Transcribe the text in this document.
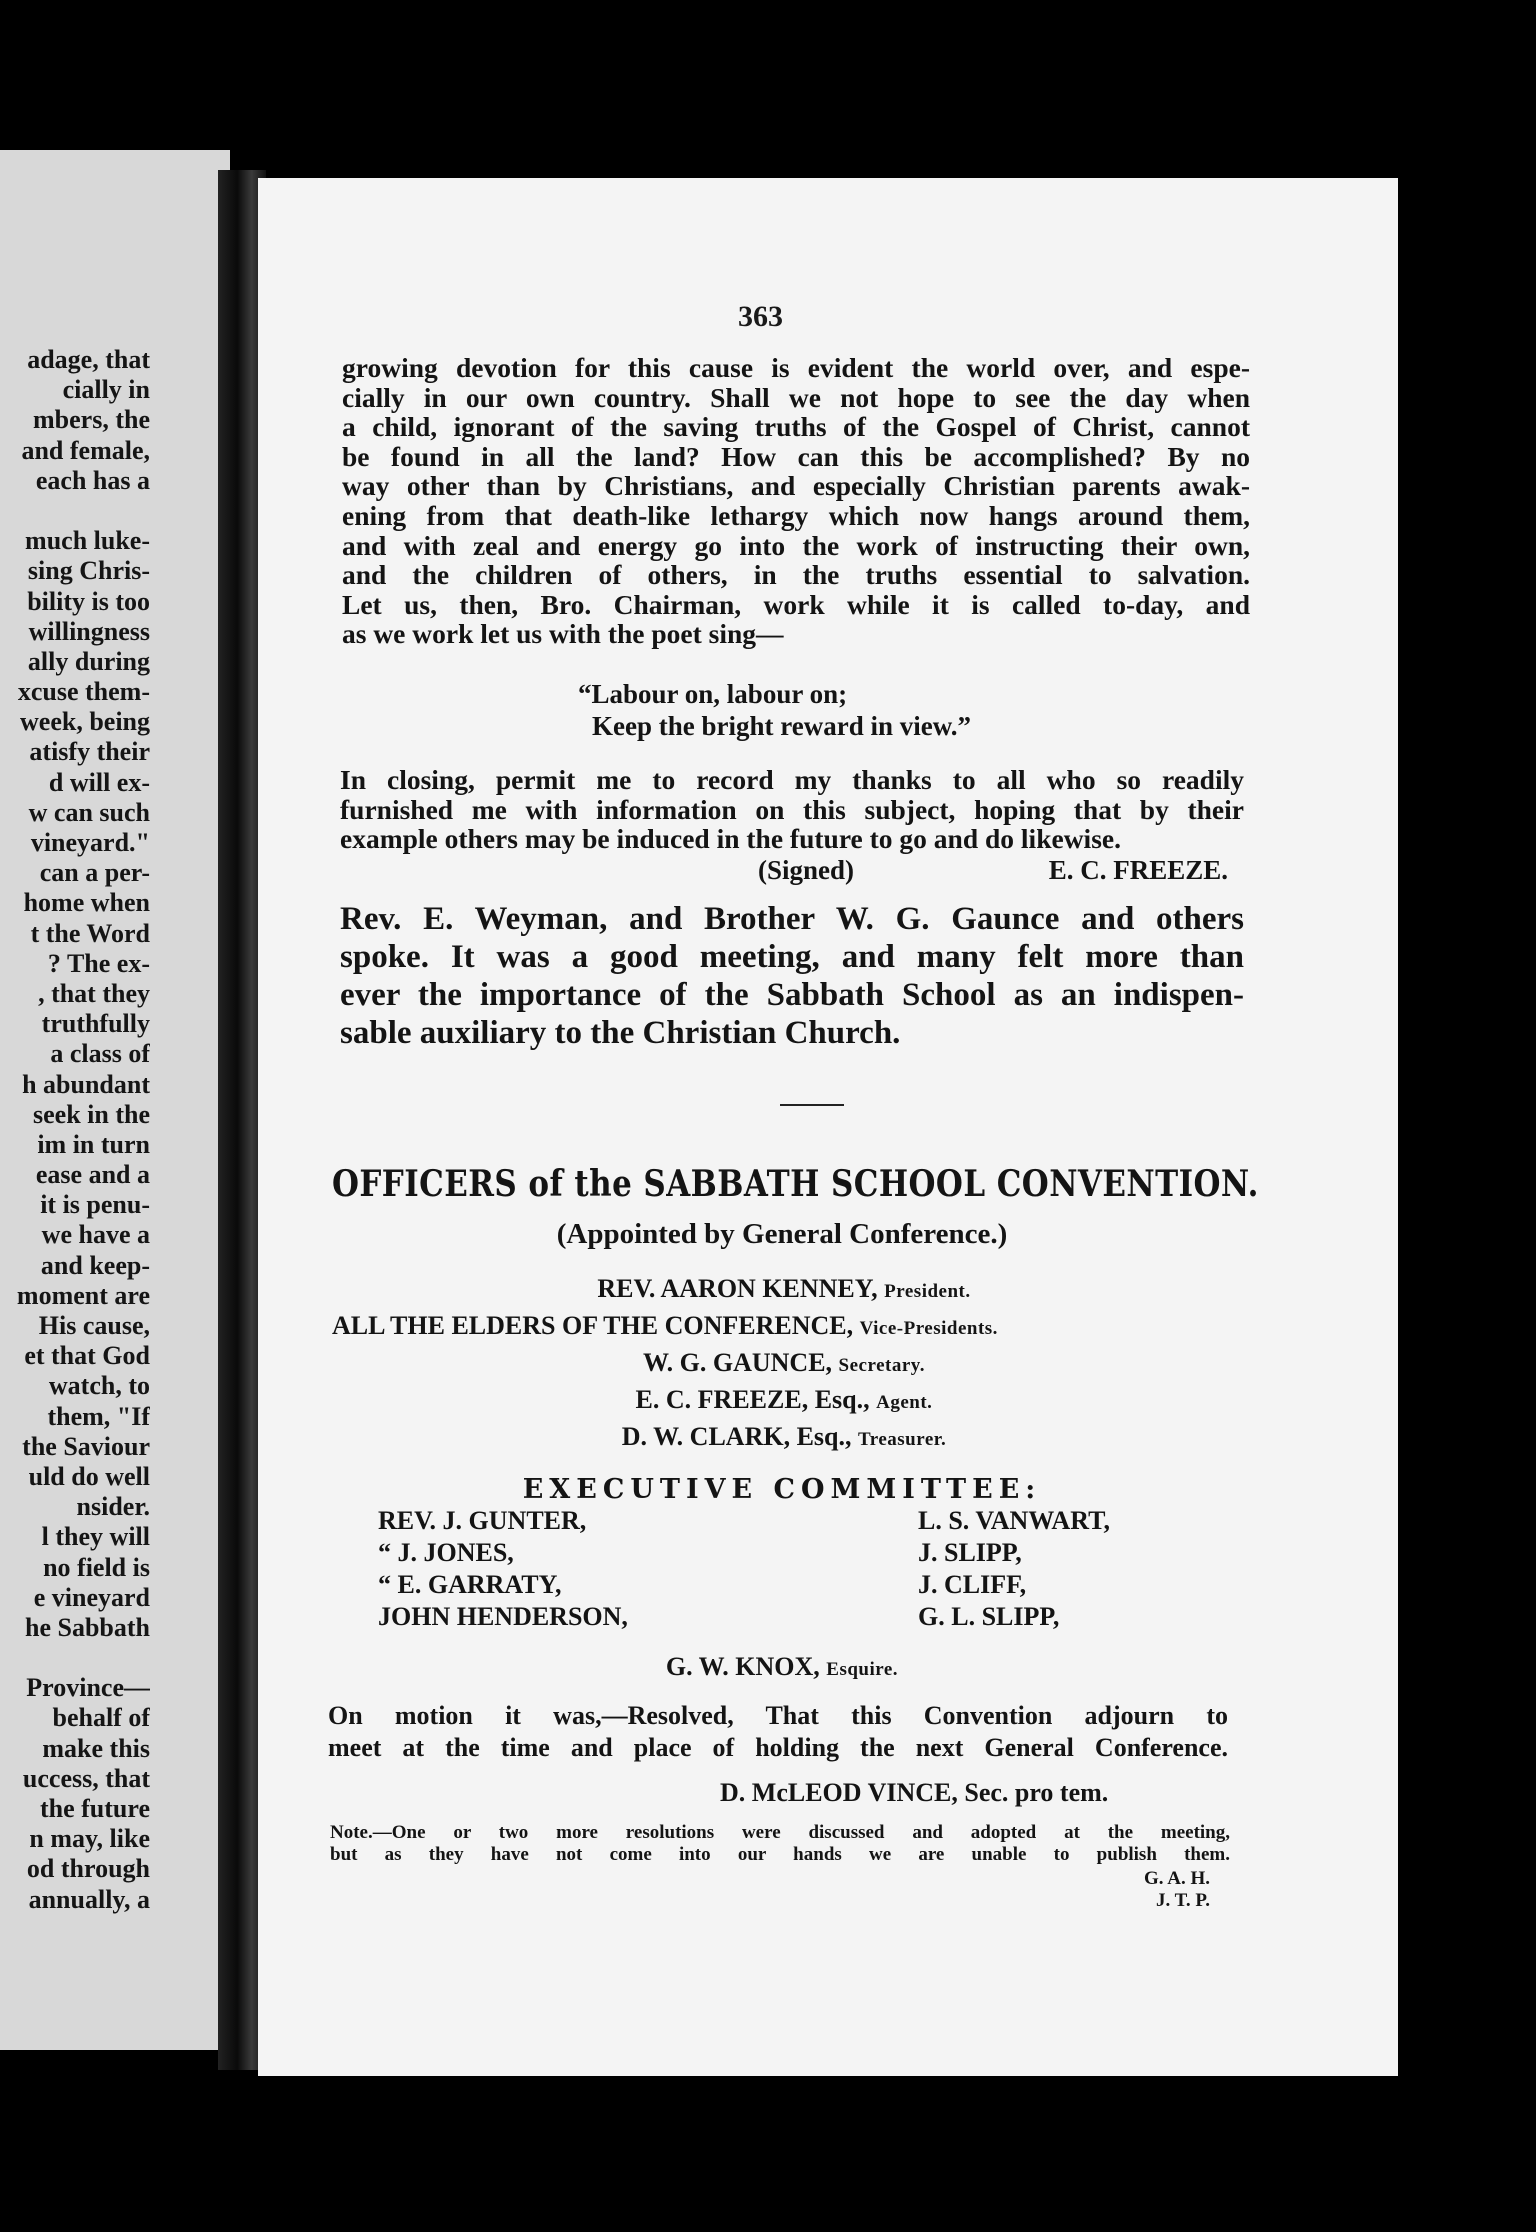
adage, that
cially in
mbers, the
and female,
each has a
much luke-
sing Chris-
bility is too
willingness
ally during
xcuse them-
week, being
atisfy their
d will ex-
w can such
vineyard."
can a per-
home when
t the Word
? The ex-
, that they
truthfully
a class of
h abundant
seek in the
im in turn
ease and a
it is penu-
we have a
and keep-
moment are
His cause,
et that God
watch, to
them, "If
the Saviour
uld do well
nsider.
l they will
no field is
e vineyard
he Sabbath
Province—
behalf of
make this
uccess, that
the future
n may, like
od through
annually, a
363
growing devotion for this cause is evident the world over, and espe-
cially in our own country. Shall we not hope to see the day when
a child, ignorant of the saving truths of the Gospel of Christ, cannot
be found in all the land? How can this be accomplished? By no
way other than by Christians, and especially Christian parents awak-
ening from that death-like lethargy which now hangs around them,
and with zeal and energy go into the work of instructing their own,
and the children of others, in the truths essential to salvation.
Let us, then, Bro. Chairman, work while it is called to-day, and
as we work let us with the poet sing—
“Labour on, labour on;
Keep the bright reward in view.”
In closing, permit me to record my thanks to all who so readily
furnished me with information on this subject, hoping that by their
example others may be induced in the future to go and do likewise.
(Signed)	E. C. FREEZE.
Rev. E. Weyman, and Brother W. G. Gaunce and others
spoke. It was a good meeting, and many felt more than
ever the importance of the Sabbath School as an indispen-
sable auxiliary to the Christian Church.
OFFICERS of the SABBATH SCHOOL CONVENTION.
(Appointed by General Conference.)
REV. AARON KENNEY, President.
ALL THE ELDERS OF THE CONFERENCE, Vice-Presidents.
W. G. GAUNCE, Secretary.
E. C. FREEZE, Esq., Agent.
D. W. CLARK, Esq., Treasurer.
EXECUTIVE COMMITTEE:
REV. J. GUNTER,	L. S. VANWART,
“ J. JONES,	J. SLIPP,
“ E. GARRATY,	J. CLIFF,
JOHN HENDERSON,	G. L. SLIPP,
G. W. KNOX, Esquire.
On motion it was,—Resolved, That this Convention adjourn to
meet at the time and place of holding the next General Conference.
D. McLEOD VINCE, Sec. pro tem.
Note.—One or two more resolutions were discussed and adopted at the meeting,
but as they have not come into our hands we are unable to publish them.
G. A. H.
J. T. P.
